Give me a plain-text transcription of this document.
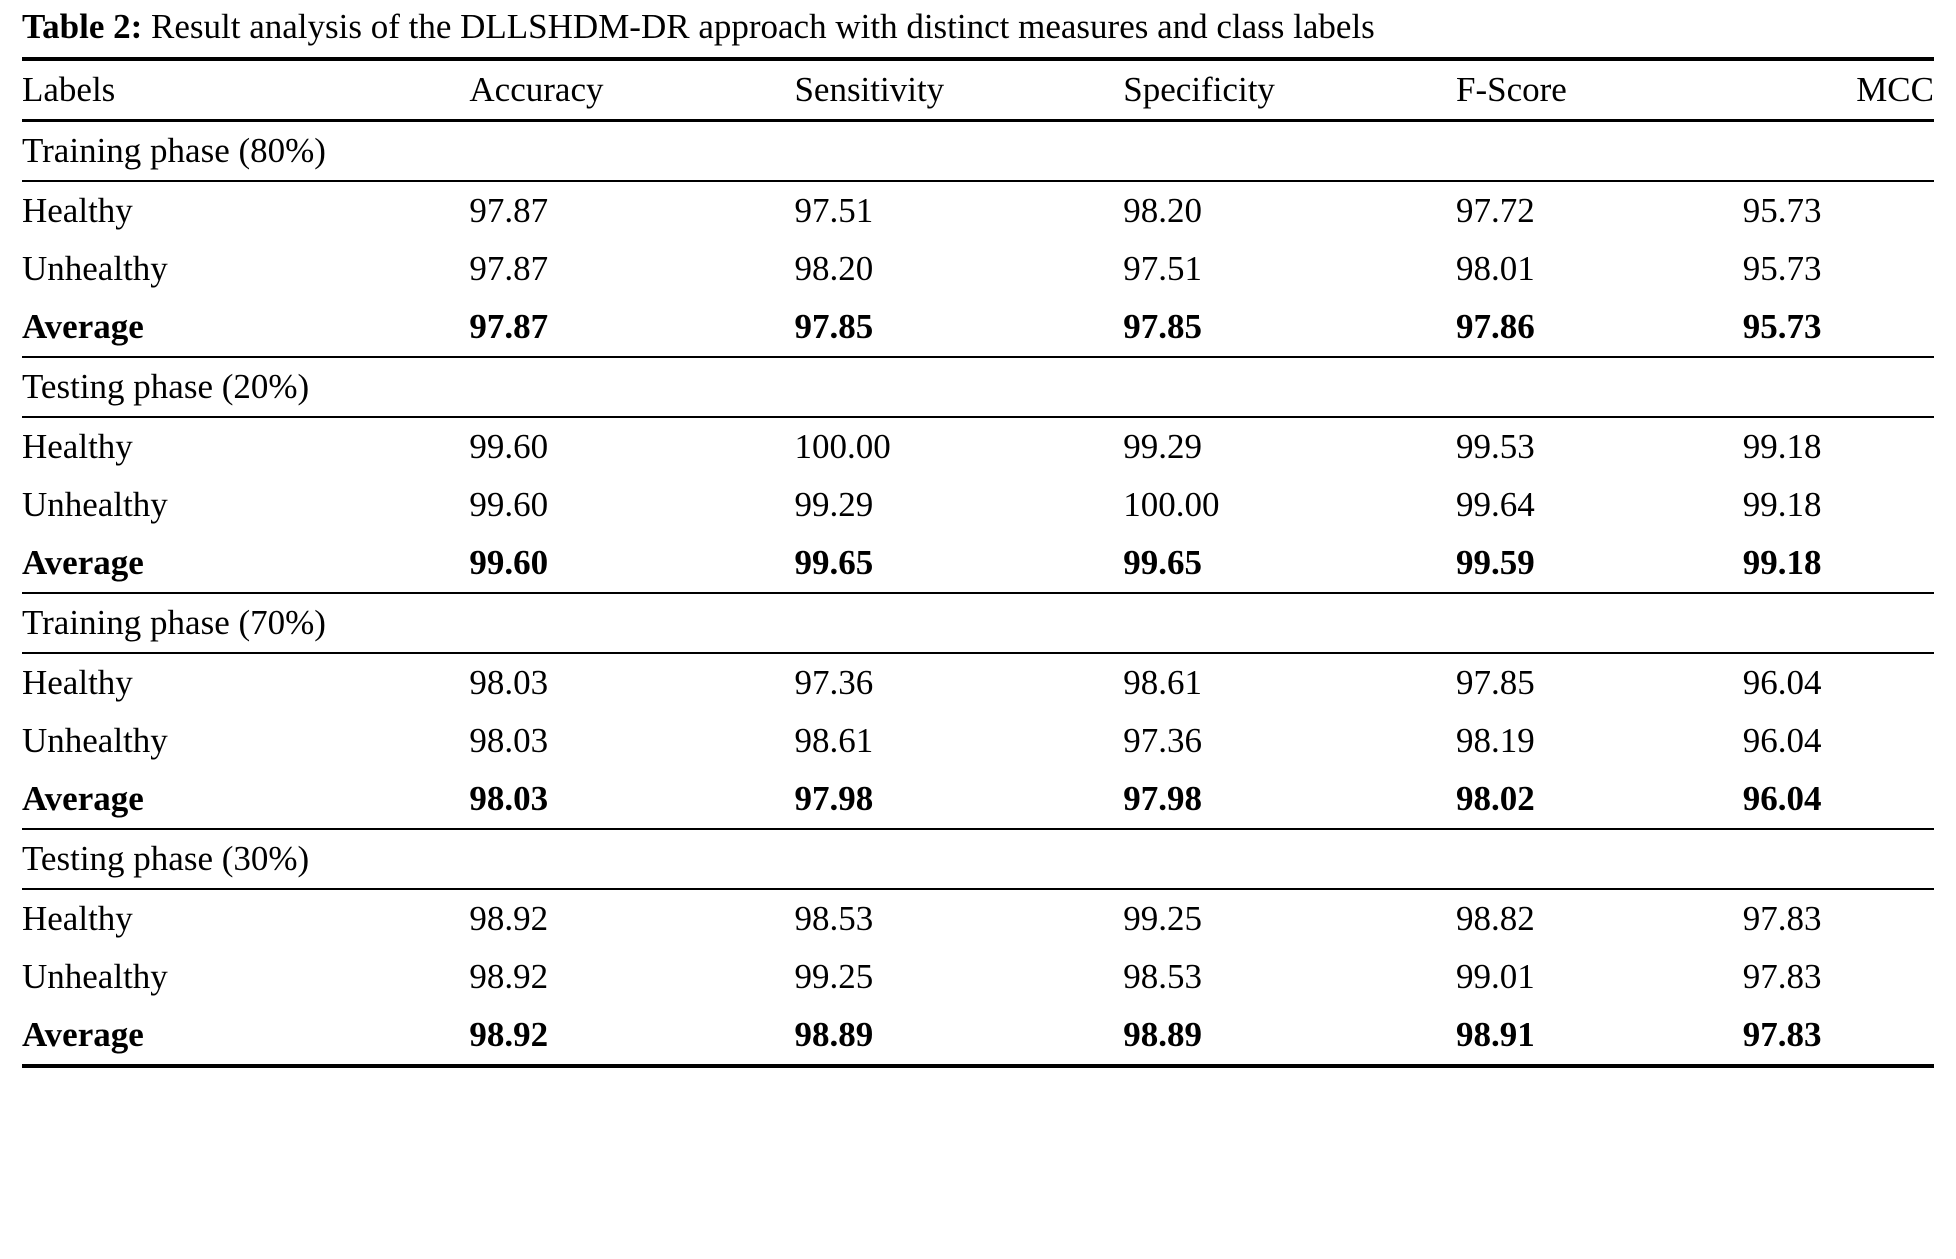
Table 2: Result analysis of the DLLSHDM-DR approach with distinct measures and class labels
Labels	Accuracy	Sensitivity	Specificity	F-Score	MCC
Training phase (80%)					
Healthy	97.87	97.51	98.20	97.72	95.73
Unhealthy	97.87	98.20	97.51	98.01	95.73
Average	97.87	97.85	97.85	97.86	95.73
Testing phase (20%)					
Healthy	99.60	100.00	99.29	99.53	99.18
Unhealthy	99.60	99.29	100.00	99.64	99.18
Average	99.60	99.65	99.65	99.59	99.18
Training phase (70%)					
Healthy	98.03	97.36	98.61	97.85	96.04
Unhealthy	98.03	98.61	97.36	98.19	96.04
Average	98.03	97.98	97.98	98.02	96.04
Testing phase (30%)					
Healthy	98.92	98.53	99.25	98.82	97.83
Unhealthy	98.92	99.25	98.53	99.01	97.83
Average	98.92	98.89	98.89	98.91	97.83
